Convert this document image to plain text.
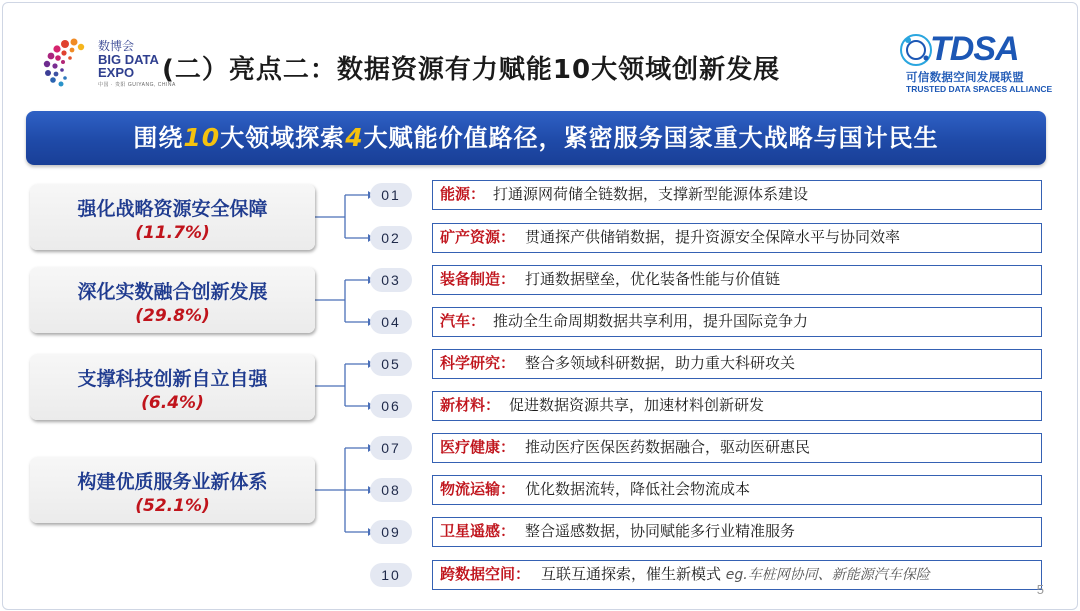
数博会
BIG DATA
EXPO
中国 · 贵阳 GUIYANG, CHINA
(二）亮点二：数据资源有力赋能10大领域创新发展
TDSA
可信数据空间发展联盟
TRUSTED DATA SPACES ALLIANCE
围绕10大领域探索4大赋能价值路径，紧密服务国家重大战略与国计民生
强化战略资源安全保障
(11.7%)
深化实数融合创新发展
(29.8%)
支撑科技创新自立自强
(6.4%)
构建优质服务业新体系
(52.1%)
01
02
03
04
05
06
07
08
09
10
能源： 打通源网荷储全链数据，支撑新型能源体系建设
矿产资源： 贯通探产供储销数据，提升资源安全保障水平与协同效率
装备制造： 打通数据壁垒，优化装备性能与价值链
汽车： 推动全生命周期数据共享利用，提升国际竞争力
科学研究： 整合多领域科研数据，助力重大科研攻关
新材料： 促进数据资源共享，加速材料创新研发
医疗健康： 推动医疗医保医药数据融合，驱动医研惠民
物流运输： 优化数据流转，降低社会物流成本
卫星遥感： 整合遥感数据，协同赋能多行业精准服务
跨数据空间： 互联互通探索，催生新模式 eg.车桩网协同、新能源汽车保险
5
